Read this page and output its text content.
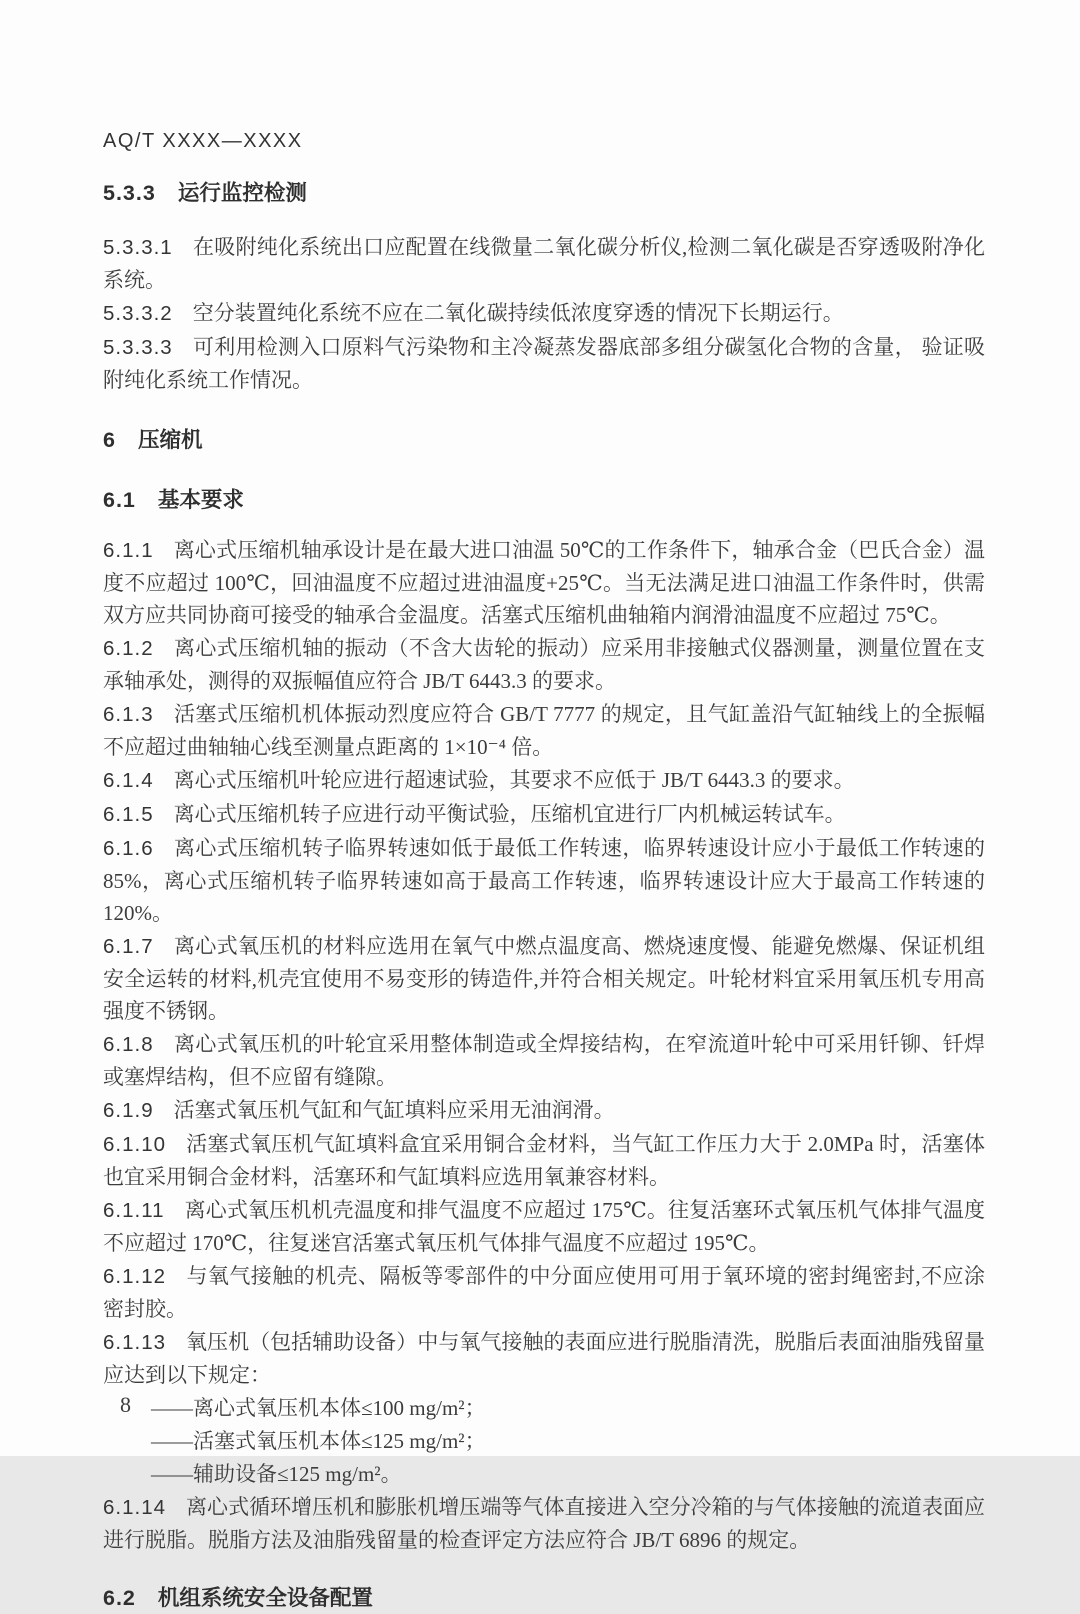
AQ/T XXXX—XXXX
5.3.3 运行监控检测

5.3.3.1 在吸附纯化系统出口应配置在线微量二氧化碳分析仪,检测二氧化碳是否穿透吸附净化系统。

5.3.3.2 空分装置纯化系统不应在二氧化碳持续低浓度穿透的情况下长期运行。

5.3.3.3 可利用检测入口原料气污染物和主冷凝蒸发器底部多组分碳氢化合物的含量， 验证吸附纯化系统工作情况。

6 压缩机
6.1 基本要求

6.1.1 离心式压缩机轴承设计是在最大进口油温 50℃的工作条件下，轴承合金（巴氏合金）温度不应超过 100℃，回油温度不应超过进油温度+25℃。当无法满足进口油温工作条件时，供需双方应共同协商可接受的轴承合金温度。活塞式压缩机曲轴箱内润滑油温度不应超过 75℃。

6.1.2 离心式压缩机轴的振动（不含大齿轮的振动）应采用非接触式仪器测量，测量位置在支承轴承处，测得的双振幅值应符合 JB/T 6443.3 的要求。

6.1.3 活塞式压缩机机体振动烈度应符合 GB/T 7777 的规定，且气缸盖沿气缸轴线上的全振幅不应超过曲轴轴心线至测量点距离的 1×10⁻⁴ 倍。

6.1.4 离心式压缩机叶轮应进行超速试验，其要求不应低于 JB/T 6443.3 的要求。

6.1.5 离心式压缩机转子应进行动平衡试验，压缩机宜进行厂内机械运转试车。

6.1.6 离心式压缩机转子临界转速如低于最低工作转速，临界转速设计应小于最低工作转速的 85%，离心式压缩机转子临界转速如高于最高工作转速，临界转速设计应大于最高工作转速的 120%。

6.1.7 离心式氧压机的材料应选用在氧气中燃点温度高、燃烧速度慢、能避免燃爆、保证机组安全运转的材料,机壳宜使用不易变形的铸造件,并符合相关规定。叶轮材料宜采用氧压机专用高强度不锈钢。

6.1.8 离心式氧压机的叶轮宜采用整体制造或全焊接结构，在窄流道叶轮中可采用钎铆、钎焊或塞焊结构，但不应留有缝隙。

6.1.9 活塞式氧压机气缸和气缸填料应采用无油润滑。

6.1.10 活塞式氧压机气缸填料盒宜采用铜合金材料，当气缸工作压力大于 2.0MPa 时，活塞体也宜采用铜合金材料，活塞环和气缸填料应选用氧兼容材料。

6.1.11 离心式氧压机机壳温度和排气温度不应超过 175℃。往复活塞环式氧压机气体排气温度不应超过 170℃，往复迷宫活塞式氧压机气体排气温度不应超过 195℃。

6.1.12 与氧气接触的机壳、隔板等零部件的中分面应使用可用于氧环境的密封绳密封,不应涂密封胶。

6.1.13 氧压机（包括辅助设备）中与氧气接触的表面应进行脱脂清洗，脱脂后表面油脂残留量应达到以下规定：

——离心式氧压机本体≤100 mg/m²；

——活塞式氧压机本体≤125 mg/m²；

——辅助设备≤125 mg/m²。

6.1.14 离心式循环增压机和膨胀机增压端等气体直接进入空分冷箱的与气体接触的流道表面应进行脱脂。脱脂方法及油脂残留量的检查评定方法应符合 JB/T 6896 的规定。

6.2 机组系统安全设备配置
8
